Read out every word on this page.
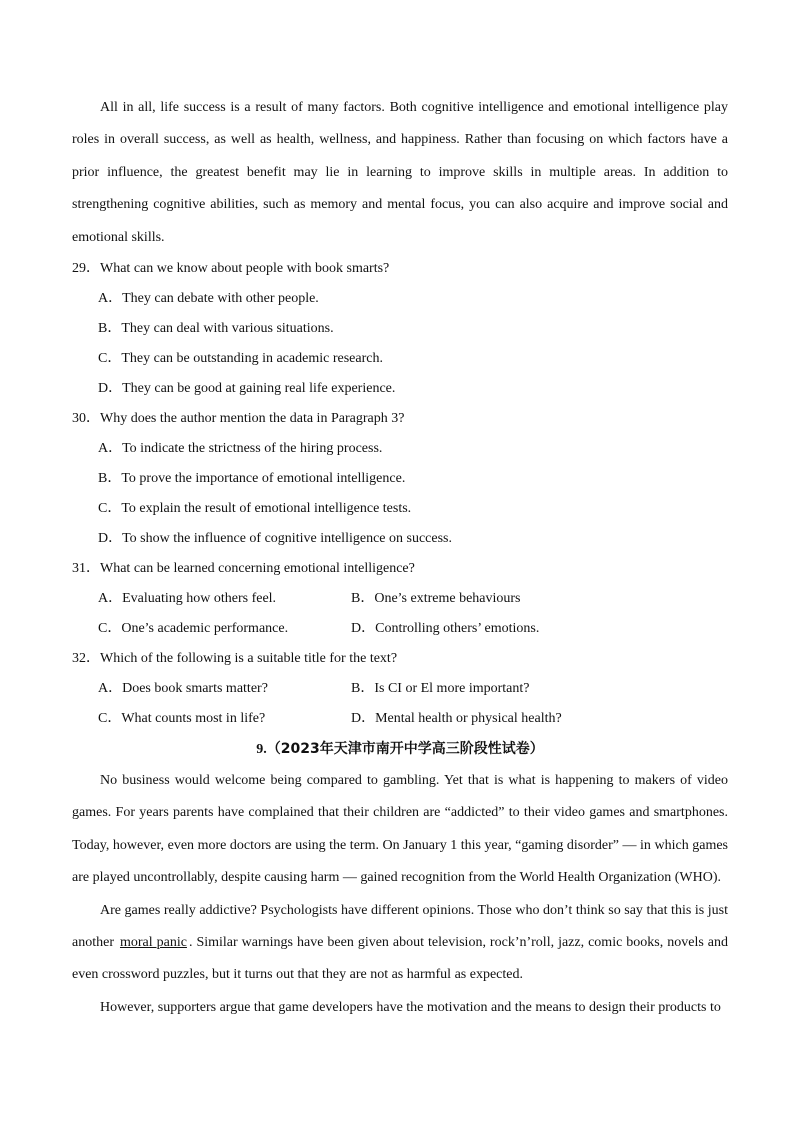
All in all, life success is a result of many factors. Both cognitive intelligence and emotional intelligence play roles in overall success, as well as health, wellness, and happiness. Rather than focusing on which factors have a prior influence, the greatest benefit may lie in learning to improve skills in multiple areas. In addition to strengthening cognitive abilities, such as memory and mental focus, you can also acquire and improve social and emotional skills.

29．What can we know about people with book smarts?

A．They can debate with other people.

B．They can deal with various situations.

C．They can be outstanding in academic research.

D．They can be good at gaining real life experience.

30．Why does the author mention the data in Paragraph 3?

A．To indicate the strictness of the hiring process.

B．To prove the importance of emotional intelligence.

C．To explain the result of emotional intelligence tests.

D．To show the influence of cognitive intelligence on success.

31．What can be learned concerning emotional intelligence?

A．Evaluating how others feel.	B．One’s extreme behaviours
C．One’s academic performance.	D．Controlling others’ emotions.

32．Which of the following is a suitable title for the text?

A．Does book smarts matter?	B．Is CI or El more important?
C．What counts most in life?	D．Mental health or physical health?

9.（2023年天津市南开中学高三阶段性试卷）

No business would welcome being compared to gambling. Yet that is what is happening to makers of video games. For years parents have complained that their children are “addicted” to their video games and smartphones. Today, however, even more doctors are using the term. On January 1 this year, “gaming disorder” — in which games are played uncontrollably, despite causing harm — gained recognition from the World Health Organization (WHO).

Are games really addictive? Psychologists have different opinions. Those who don’t think so say that this is just another moral panic . Similar warnings have been given about television, rock’n’roll, jazz, comic books, novels and even crossword puzzles, but it turns out that they are not as harmful as expected.

However, supporters argue that game developers have the motivation and the means to design their products to
